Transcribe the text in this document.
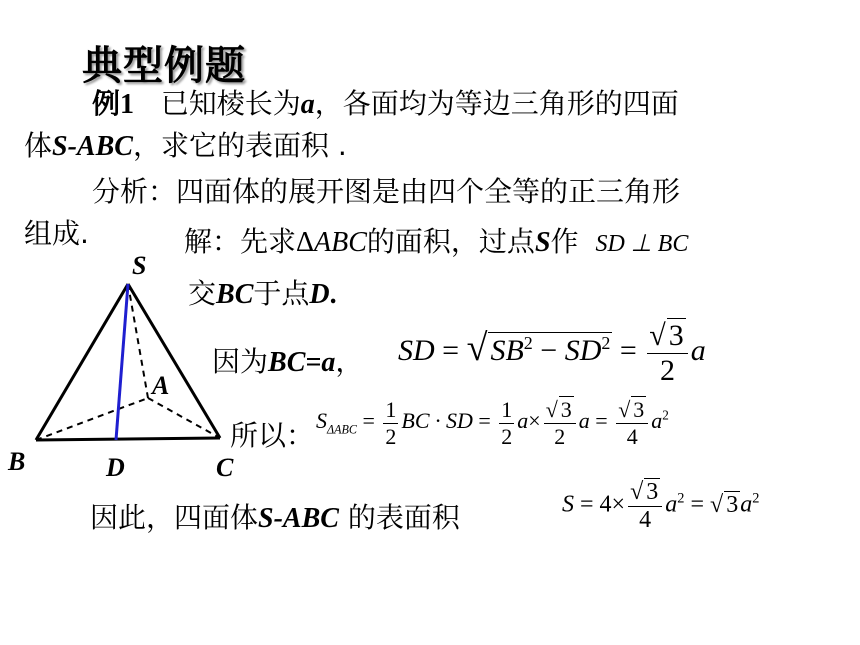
典型例题
例1 已知棱长为a，各面均为等边三角形的四面
体S-ABC，求它的表面积 .
分析：四面体的展开图是由四个全等的正三角形
组成.	解：先求ΔABC的面积，过点S作 SD ⊥ BC
交BC于点D.
因为BC=a， SD = √ $SB^2 - SD^2 = \frac{√ 3}{2}$ a
所以： $S_{\Delta ABC} = \frac{1}{2}$ BC · SD = $\frac{1}{2} a\times \frac{√ 3}{2}$ $a = \frac{√ 3}{4} a^2$
因此，四面体S-ABC 的表面积	$S = 4\times \frac{√ 3}{4} a^2$ = √ $3a^2$
S
A
B	C
D
